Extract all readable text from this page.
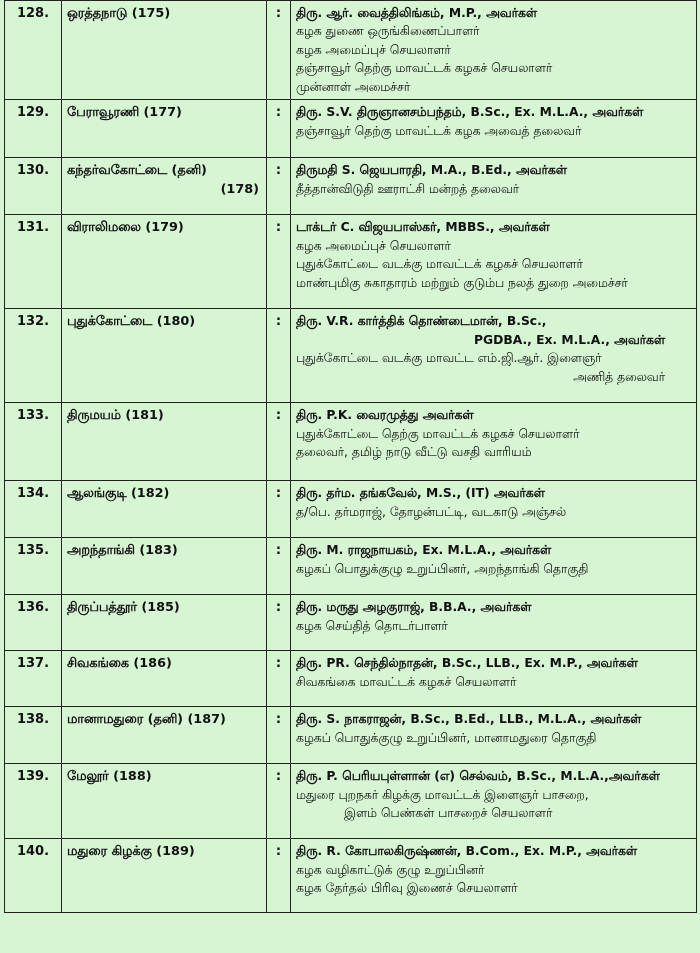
128.	ஒரத்தநாடு (175)	:	திரு. ஆர். வைத்திலிங்கம், M.P., அவர்கள்
கழக துணை ஒருங்கிணைப்பாளர்
கழக அமைப்புச் செயலாளர்
தஞ்சாவூர் தெற்கு மாவட்டக் கழகச் செயலாளர்
முன்னாள் அமைச்சர்

129.	பேராவூரணி (177)	:	திரு. S.V. திருஞானசம்பந்தம், B.Sc., Ex. M.L.A., அவர்கள்
தஞ்சாவூர் தெற்கு மாவட்டக் கழக அவைத் தலைவர்

130.	கந்தர்வகோட்டை (தனி)
(178)	:	திருமதி S. ஜெயபாரதி, M.A., B.Ed., அவர்கள்
தீத்தான்விடுதி ஊராட்சி மன்றத் தலைவர்

131.	விராலிமலை (179)	:	டாக்டர் C. விஜயபாஸ்கர், MBBS., அவர்கள்
கழக அமைப்புச் செயலாளர்
புதுக்கோட்டை வடக்கு மாவட்டக் கழகச் செயலாளர்
மாண்புமிகு சுகாதாரம் மற்றும் குடும்ப நலத் துறை அமைச்சர்

132.	புதுக்கோட்டை (180)	:	திரு. V.R. கார்த்திக் தொண்டைமான், B.Sc.,
PGDBA., Ex. M.L.A., அவர்கள்
புதுக்கோட்டை வடக்கு மாவட்ட எம்.ஜி.ஆர். இளைஞர்
அணித் தலைவர்

133.	திருமயம் (181)	:	திரு. P.K. வைரமுத்து அவர்கள்
புதுக்கோட்டை தெற்கு மாவட்டக் கழகச் செயலாளர்
தலைவர், தமிழ் நாடு வீட்டு வசதி வாரியம்

134.	ஆலங்குடி (182)	:	திரு. தர்ம. தங்கவேல், M.S., (IT) அவர்கள்
த/பெ. தர்மராஜ், தோழன்பட்டி, வடகாடு அஞ்சல்

135.	அறந்தாங்கி (183)	:	திரு. M. ராஜநாயகம், Ex. M.L.A., அவர்கள்
கழகப் பொதுக்குழு உறுப்பினர், அறந்தாங்கி தொகுதி

136.	திருப்பத்தூர் (185)	:	திரு. மருது அழகுராஜ், B.B.A., அவர்கள்
கழக செய்தித் தொடர்பாளர்

137.	சிவகங்கை (186)	:	திரு. PR. செந்தில்நாதன், B.Sc., LLB., Ex. M.P., அவர்கள்
சிவகங்கை மாவட்டக் கழகச் செயலாளர்

138.	மானாமதுரை (தனி) (187)	:	திரு. S. நாகராஜன், B.Sc., B.Ed., LLB., M.L.A., அவர்கள்
கழகப் பொதுக்குழு உறுப்பினர், மானாமதுரை தொகுதி

139.	மேலூர் (188)	:	திரு. P. பெரியபுள்ளான் (எ) செல்வம், B.Sc., M.L.A.,அவர்கள்
மதுரை புறநகர் கிழக்கு மாவட்டக் இளைஞர் பாசறை,
இளம் பெண்கள் பாசறைச் செயலாளர்

140.	மதுரை கிழக்கு (189)	:	திரு. R. கோபாலகிருஷ்ணன், B.Com., Ex. M.P., அவர்கள்
கழக வழிகாட்டுக் குழு உறுப்பினர்
கழக தேர்தல் பிரிவு இணைச் செயலாளர்
